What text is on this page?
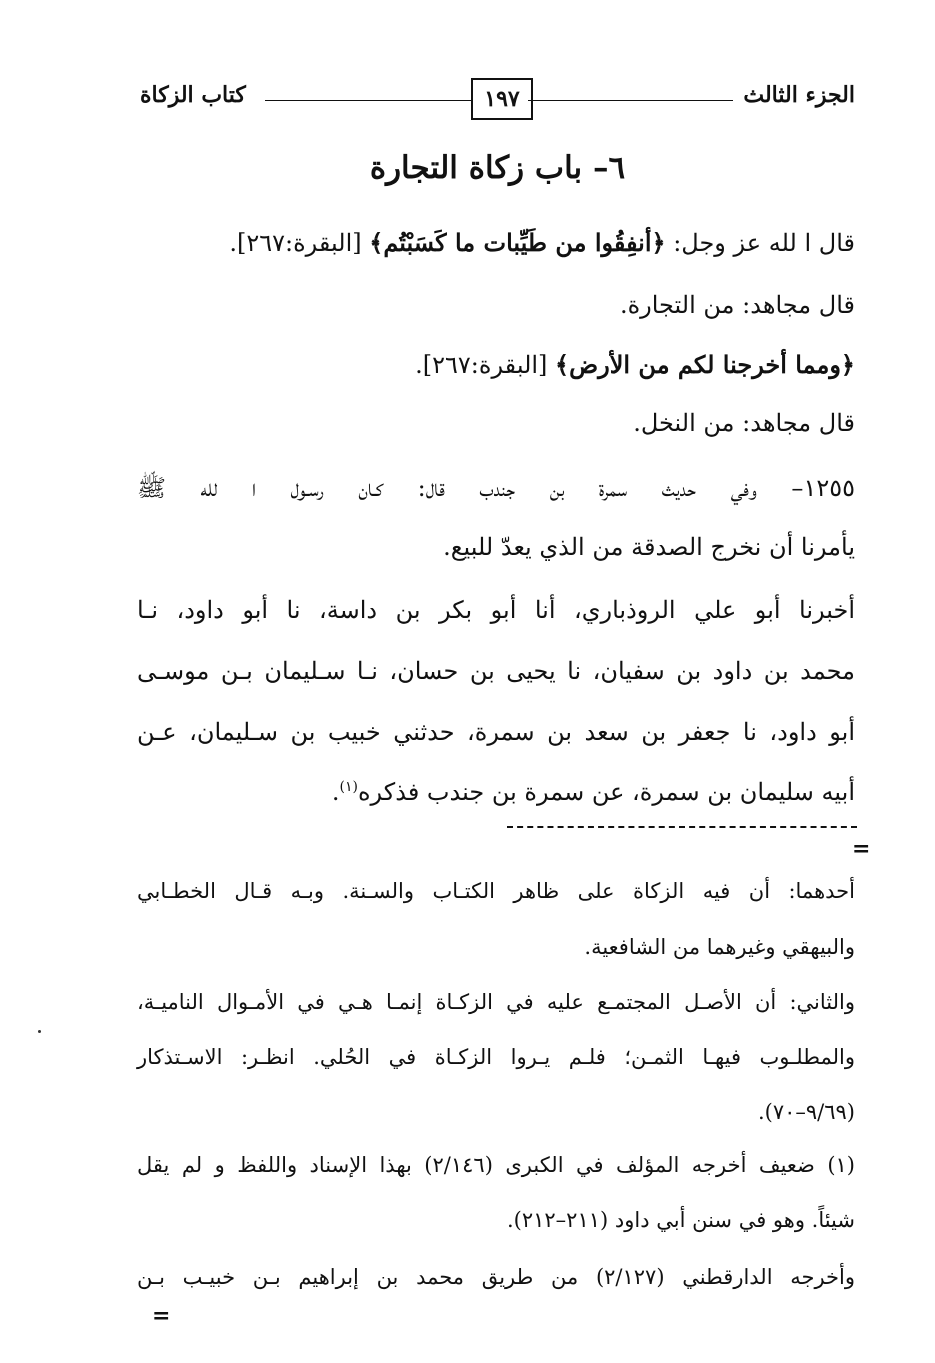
الجزء الثالث
١٩٧
كتاب الزكاة
٦– باب زكاة التجارة
قال ا لله عز وجل: ﴿أنفِقُوا من طَيِّبات ما كَسَبْتُم﴾ [البقرة:٢٦٧].
قال مجاهد: من التجارة.
﴿ومما أخرجنا لكم من الأرض﴾ [البقرة:٢٦٧].
قال مجاهد: من النخل.
١٢٥٥– وفي حديث سمرة بن جندب قال: كـان رسـول ا لله ﷺ
يأمرنا أن نخرج الصدقة من الذي يعدّ للبيع.
أخبرنا أبو علي الروذباري، أنا أبو بكر بن داسة، نا أبو داود، نـا
محمد بن داود بن سفيان، نا يحيى بن حسان، نـا سـليمان بـن موسـى
أبو داود، نا جعفر بن سعد بن سمرة، حدثني خبيب بن سـليمان، عـن
أبيه سليمان بن سمرة، عن سمرة بن جندب فذكره$^{(١)}$.
=
أحدهما: أن فيه الزكاة على ظاهر الكتـاب والسـنة. وبـه قـال الخطـابي
والبيهقي وغيرهما من الشافعية.
والثاني: أن الأصـل المجتمـع عليه في الزكـاة إنمـا هـي في الأمـوال الناميـة،
والمطلـوب فيهـا الثمـن؛ فلـم يـروا الزكـاة في الحُلي. انظـر: الاسـتذكار
(٩/٦٩–٧٠).
(١) ضعيف أخرجه المؤلف في الكبرى (٢/١٤٦) بهذا الإسناد واللفظ و لم يقل
شيئاً. وهو في سنن أبي داود (٢١١–٢١٢).
وأخرجه الدارقطني (٢/١٢٧) من طريق محمد بن إبراهيم بـن خبيـب بـن
=
